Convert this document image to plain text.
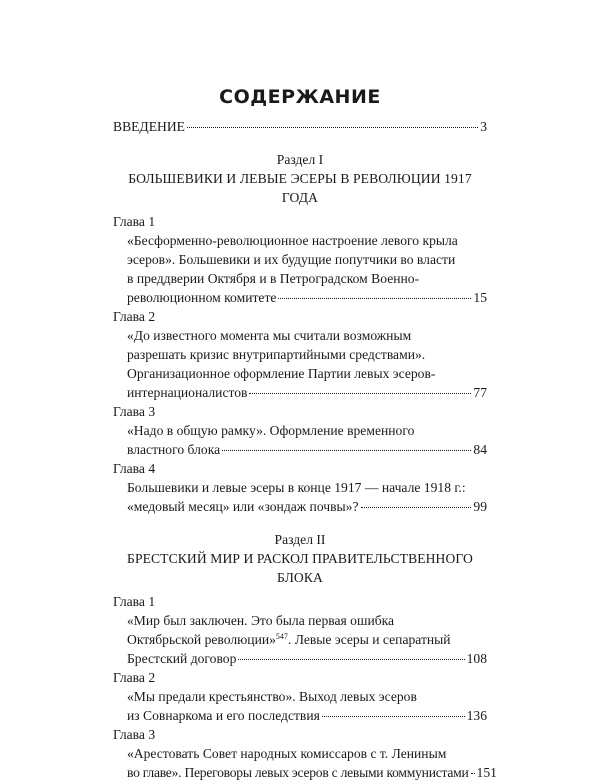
СОДЕРЖАНИЕ
ВВЕДЕНИЕ	3
Раздел I
БОЛЬШЕВИКИ И ЛЕВЫЕ ЭСЕРЫ В РЕВОЛЮЦИИ 1917 ГОДА
Глава 1
«Бесформенно-революционное настроение левого крыла
эсеров». Большевики и их будущие попутчики во власти
в преддверии Октября и в Петроградском Военно-
революционном комитете	15
Глава 2
«До известного момента мы считали возможным
разрешать кризис внутрипартийными средствами».
Организационное оформление Партии левых эсеров-
интернационалистов	77
Глава 3
«Надо в общую рамку». Оформление временного
властного блока	84
Глава 4
Большевики и левые эсеры в конце 1917 — начале 1918 г.:
«медовый месяц» или «зондаж почвы»?	99
Раздел II
БРЕСТСКИЙ МИР И РАСКОЛ ПРАВИТЕЛЬСТВЕННОГО БЛОКА
Глава 1
«Мир был заключен. Это была первая ошибка
Октябрьской революции»$^{547}$. Левые эсеры и сепаратный
Брестский договор	108
Глава 2
«Мы предали крестьянство». Выход левых эсеров
из Совнаркома и его последствия	136
Глава 3
«Арестовать Совет народных комиссаров с т. Лениным
во главе». Переговоры левых эсеров с левыми коммунистами 151
